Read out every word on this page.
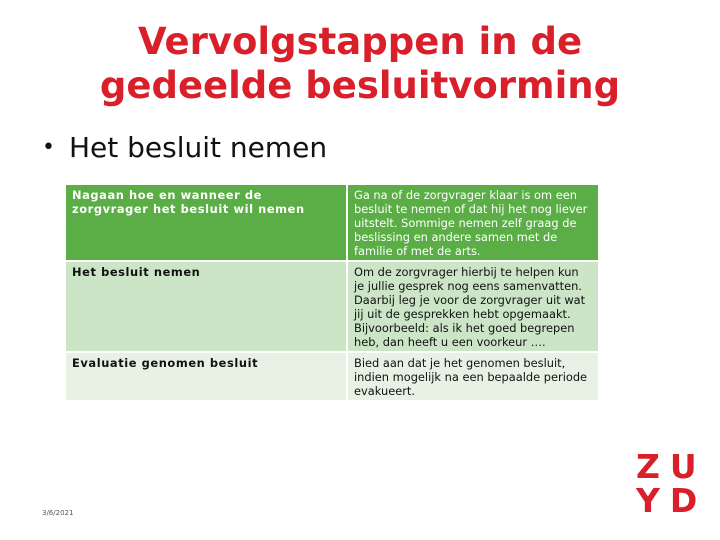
Vervolgstappen in de
gedeelde besluitvorming
• Het besluit nemen
Nagaan hoe en wanneer de zorgvrager het besluit wil nemen	Ga na of de zorgvrager klaar is om een besluit te nemen of dat hij het nog liever uitstelt. Sommige nemen zelf graag de beslissing en andere samen met de familie of met de arts.
Het besluit nemen	Om de zorgvrager hierbij te helpen kun je jullie gesprek nog eens samenvatten. Daarbij leg je voor de zorgvrager uit wat jij uit de gesprekken hebt opgemaakt. Bijvoorbeeld: als ik het goed begrepen heb, dan heeft u een voorkeur ….
Evaluatie genomen besluit	Bied aan dat je het genomen besluit, indien mogelijk na een bepaalde periode evakueert.
3/6/2021
ZU
YD
